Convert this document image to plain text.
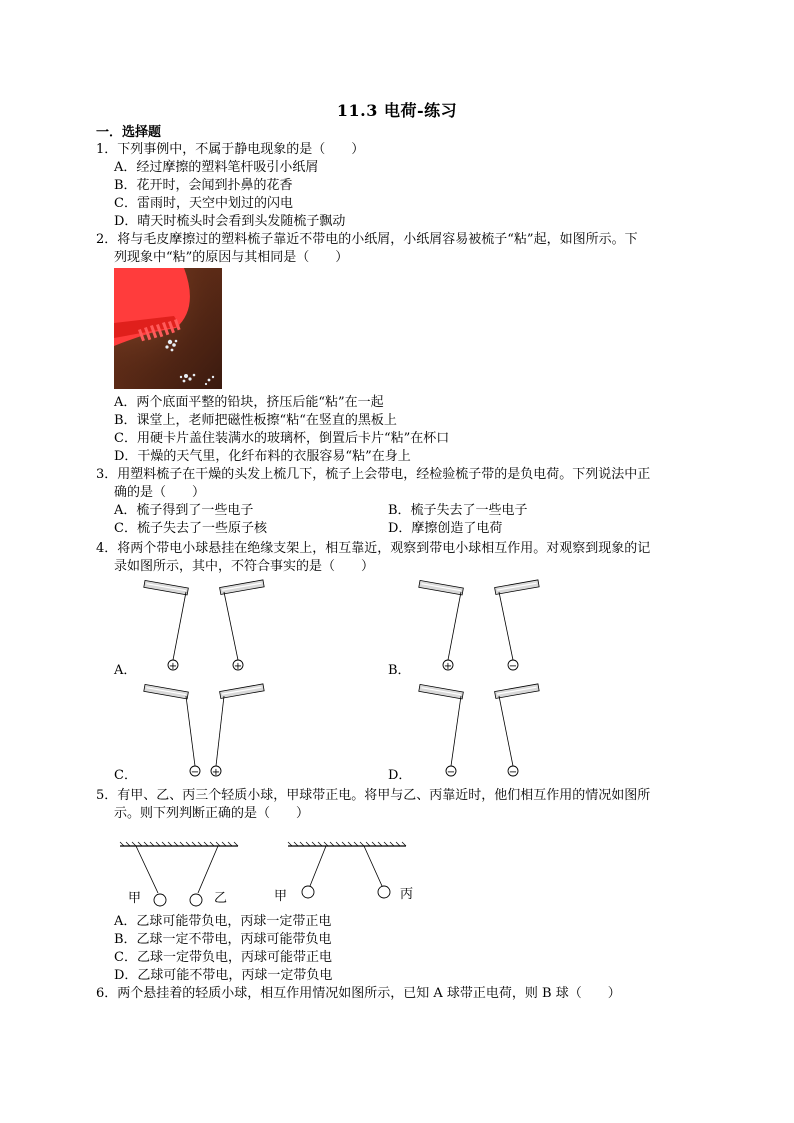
11.3 电荷-练习
一．选择题
1．下列事例中，不属于静电现象的是（　　）
A．经过摩擦的塑料笔杆吸引小纸屑
B．花开时，会闻到扑鼻的花香
C．雷雨时，天空中划过的闪电
D．晴天时梳头时会看到头发随梳子飘动
2．将与毛皮摩擦过的塑料梳子靠近不带电的小纸屑，小纸屑容易被梳子“粘”起，如图所示。下
列现象中“粘”的原因与其相同是（　　）
A．两个底面平整的铅块，挤压后能“粘”在一起
B．课堂上，老师把磁性板擦“粘“在竖直的黑板上
C．用硬卡片盖住装满水的玻璃杯，倒置后卡片“粘”在杯口
D．干燥的天气里，化纤布料的衣服容易“粘”在身上
3．用塑料梳子在干燥的头发上梳几下，梳子上会带电，经检验梳子带的是负电荷。下列说法中正
确的是（　　）
A．梳子得到了一些电子	B．梳子失去了一些电子
C．梳子失去了一些原子核	D．摩擦创造了电荷
4．将两个带电小球悬挂在绝缘支架上，相互靠近，观察到带电小球相互作用。对观察到现象的记
录如图所示，其中，不符合事实的是（　　）
+	+
A．	+	−
B．
− +
C．	−	−
D．
5．有甲、乙、丙三个轻质小球，甲球带正电。将甲与乙、丙靠近时，他们相互作用的情况如图所
示。则下列判断正确的是（　　）
甲	乙	甲	丙
A．乙球可能带负电，丙球一定带正电
B．乙球一定不带电，丙球可能带负电
C．乙球一定带负电，丙球可能带正电
D．乙球可能不带电，丙球一定带负电
6．两个悬挂着的轻质小球，相互作用情况如图所示，已知 A 球带正电荷，则 B 球（　　）
